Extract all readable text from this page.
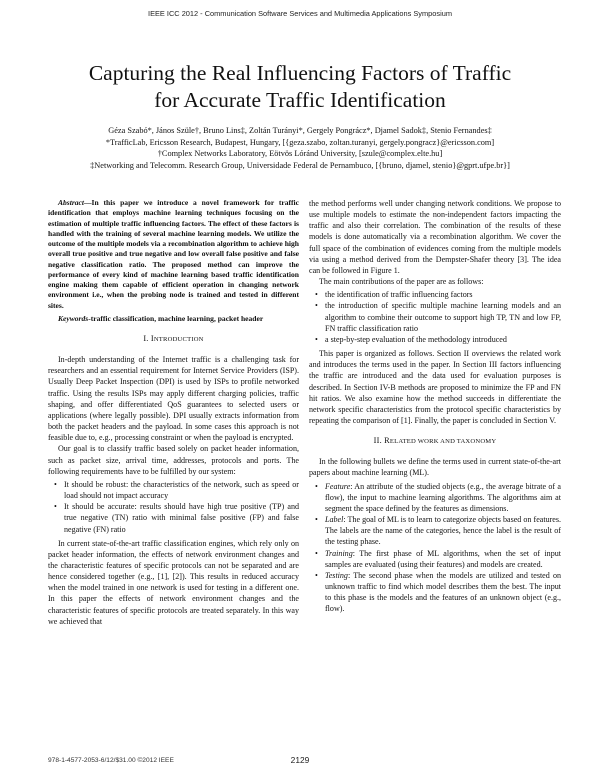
IEEE ICC 2012 - Communication Software Services and Multimedia Applications Symposium
Capturing the Real Influencing Factors of Traffic
for Accurate Traffic Identification
Géza Szabó*, János Szüle†, Bruno Lins‡, Zoltán Turányi*, Gergely Pongrácz*, Djamel Sadok‡, Stenio Fernandes‡
*TrafficLab, Ericsson Research, Budapest, Hungary, [{geza.szabo, zoltan.turanyi, gergely.pongracz}@ericsson.com]
†Complex Networks Laboratory, Eötvös Lóránd University, [szule@complex.elte.hu]
‡Networking and Telecomm. Research Group, Universidade Federal de Pernambuco, [{bruno, djamel, stenio}@gprt.ufpe.br}]

Abstract—In this paper we introduce a novel framework for traffic identification that employs machine learning techniques focusing on the estimation of multiple traffic influencing factors. The effect of these factors is handled with the training of several machine learning models. We utilize the outcome of the multiple models via a recombination algorithm to achieve high overall true positive and true negative and low overall false positive and false negative classification ratio. The proposed method can improve the performance of every kind of machine learning based traffic identification engine making them capable of efficient operation in changing network environment i.e., when the probing node is trained and tested in different sites.

Keywords-traffic classification, machine learning, packet header

I. INTRODUCTION

In-depth understanding of the Internet traffic is a challenging task for researchers and an essential requirement for Internet Service Providers (ISP). Usually Deep Packet Inspection (DPI) is used by ISPs to profile networked traffic. Using the results ISPs may apply different charging policies, traffic shaping, and offer differentiated QoS guarantees to selected users or applications (where legally possible). DPI usually extracts information from both the packet headers and the payload. In some cases this approach is not feasible due to, e.g., processing constraint or when the payload is encrypted.

Our goal is to classify traffic based solely on packet header information, such as packet size, arrival time, addresses, protocols and ports. The following requirements have to be fulfilled by our system:

• It should be robust: the characteristics of the network, such as speed or load should not impact accuracy
• It should be accurate: results should have high true positive (TP) and true negative (TN) ratio with minimal false positive (FP) and false negative (FN) ratio

In current state-of-the-art traffic classification engines, which rely only on packet header information, the effects of network environment changes and the characteristic features of specific protocols can not be separated and are hence considered together (e.g., [1], [2]). This results in reduced accuracy when the model trained in one network is used for testing in a different one. In this paper the effects of network environment changes and the characteristic features of specific protocols are treated separately. In this way we achieved that

the method performs well under changing network conditions. We propose to use multiple models to estimate the non-independent factors impacting the traffic and also their correlation. The combination of the results of these models is done automatically via a recombination algorithm. We cover the full space of the combination of evidences coming from the multiple models via using a method derived from the Dempster-Shafer theory [3]. The idea can be followed in Figure 1.

The main contributions of the paper are as follows:

• the identification of traffic influencing factors
• the introduction of specific multiple machine learning models and an algorithm to combine their outcome to support high TP, TN and low FP, FN traffic classification ratio
• a step-by-step evaluation of the methodology introduced

This paper is organized as follows. Section II overviews the related work and introduces the terms used in the paper. In Section III factors influencing the traffic are introduced and the data used for evaluation purposes is described. In Section IV-B methods are proposed to minimize the FP and FN hit ratios. We also examine how the method succeeds in differentiate the network specific characteristics from the protocol specific characteristics by repeating the comparison of [1]. Finally, the paper is concluded in Section V.

II. RELATED WORK AND TAXONOMY

In the following bullets we define the terms used in current state-of-the-art papers about machine learning (ML).

• Feature: An attribute of the studied objects (e.g., the average bitrate of a flow), the input to machine learning algorithms. The algorithms aim at segment the space defined by the features as dimensions.
• Label: The goal of ML is to learn to categorize objects based on features. The labels are the name of the categories, hence the label is the result of the testing phase.
• Training: The first phase of ML algorithms, when the set of input samples are evaluated (using their features) and models are created.
• Testing: The second phase when the models are utilized and tested on unknown traffic to find which model describes them the best. The input to this phase is the models and the features of an unknown object (e.g., flow).
978-1-4577-2053-6/12/$31.00 ©2012 IEEE	2129
